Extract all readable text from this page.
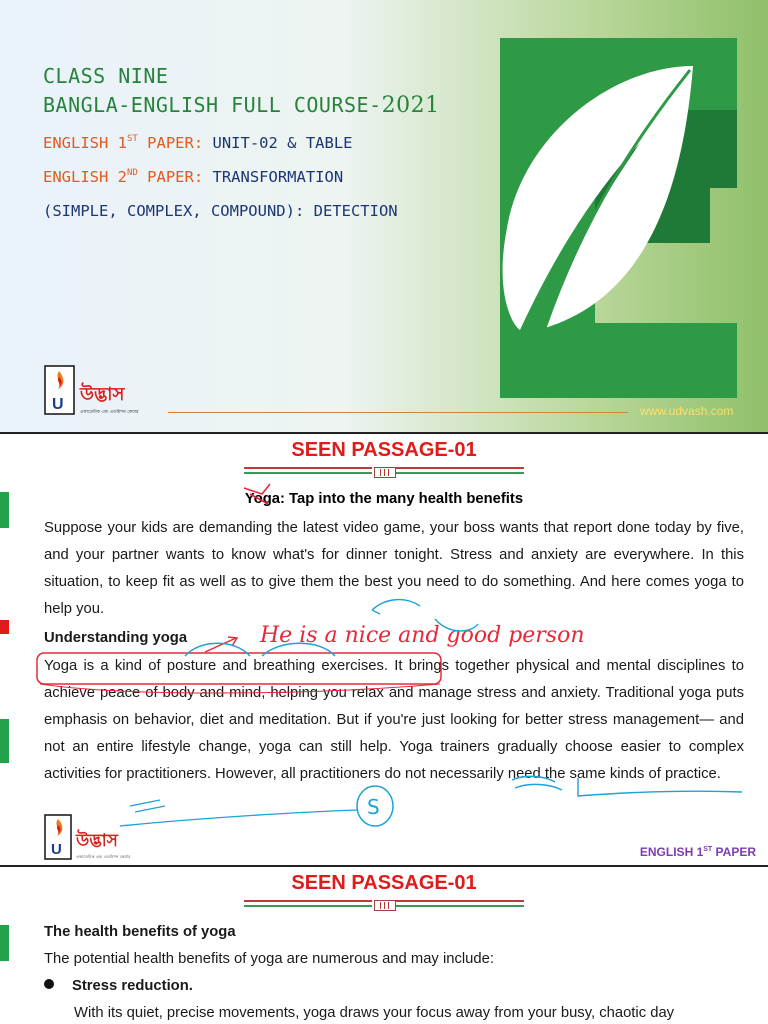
CLASS NINE
BANGLA-ENGLISH FULL COURSE-2021
ENGLISH 1ST PAPER: UNIT-02 & TABLE
ENGLISH 2ND PAPER: TRANSFORMATION
(SIMPLE, COMPLEX, COMPOUND): DETECTION
U উদ্ভাস
একাডেমিক এন্ড এডমিশন কেয়ার	www.udvash.com
SEEN PASSAGE-01
Yoga: Tap into the many health benefits
Suppose your kids are demanding the latest video game, your boss wants that report done today by five, and your partner wants to know what's for dinner tonight. Stress and anxiety are everywhere. In this situation, to keep fit as well as to give them the best you need to do something. And here comes yoga to help you.
Understanding yoga
Yoga is a kind of posture and breathing exercises. It brings together physical and mental disciplines to achieve peace of body and mind, helping you relax and manage stress and anxiety. Traditional yoga puts emphasis on behavior, diet and meditation. But if you're just looking for better stress management— and not an entire lifestyle change, yoga can still help. Yoga trainers gradually choose easier to complex activities for practitioners. However, all practitioners do not necessarily need the same kinds of practice.
He is a nice and good person
S
U উদ্ভাস
একাডেমিক এন্ড এডমিশন কেয়ার	ENGLISH 1ST PAPER
SEEN PASSAGE-01
The health benefits of yoga
The potential health benefits of yoga are numerous and may include:
Stress reduction.
With its quiet, precise movements, yoga draws your focus away from your busy, chaotic day
